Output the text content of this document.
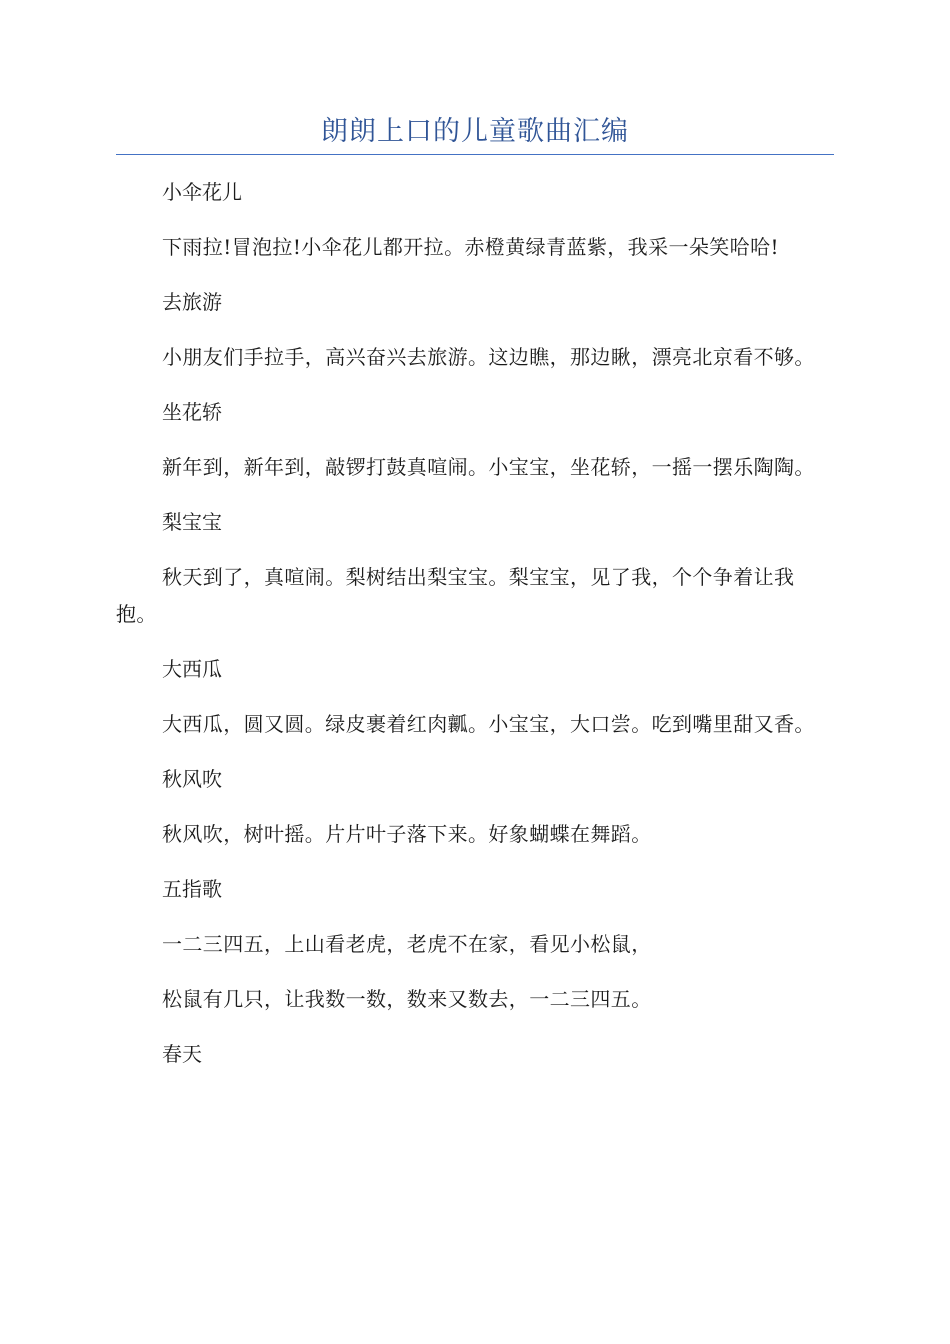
朗朗上口的儿童歌曲汇编

小伞花儿

下雨拉!冒泡拉!小伞花儿都开拉。赤橙黄绿青蓝紫，我采一朵笑哈哈!

去旅游

小朋友们手拉手，高兴奋兴去旅游。这边瞧，那边瞅，漂亮北京看不够。

坐花轿

新年到，新年到，敲锣打鼓真喧闹。小宝宝，坐花轿，一摇一摆乐陶陶。

梨宝宝

秋天到了，真喧闹。梨树结出梨宝宝。梨宝宝，见了我，个个争着让我抱。

大西瓜

大西瓜，圆又圆。绿皮裹着红肉瓤。小宝宝，大口尝。吃到嘴里甜又香。

秋风吹

秋风吹，树叶摇。片片叶子落下来。好象蝴蝶在舞蹈。

五指歌

一二三四五，上山看老虎，老虎不在家，看见小松鼠，

松鼠有几只，让我数一数，数来又数去，一二三四五。

春天
